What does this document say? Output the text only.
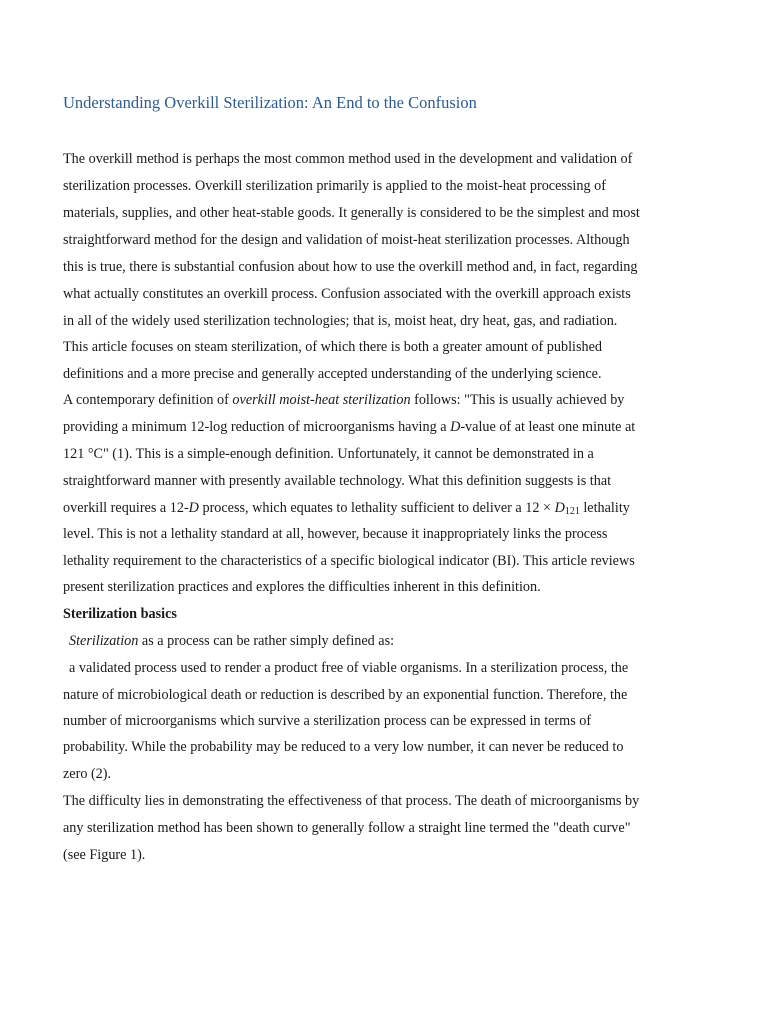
Understanding Overkill Sterilization: An End to the Confusion

The overkill method is perhaps the most common method used in the development and validation of

sterilization processes. Overkill sterilization primarily is applied to the moist-heat processing of

materials, supplies, and other heat-stable goods. It generally is considered to be the simplest and most

straightforward method for the design and validation of moist-heat sterilization processes. Although

this is true, there is substantial confusion about how to use the overkill method and, in fact, regarding

what actually constitutes an overkill process. Confusion associated with the overkill approach exists

in all of the widely used sterilization technologies; that is, moist heat, dry heat, gas, and radiation.

This article focuses on steam sterilization, of which there is both a greater amount of published

definitions and a more precise and generally accepted understanding of the underlying science.

A contemporary definition of overkill moist-heat sterilization follows: "This is usually achieved by

providing a minimum 12-log reduction of microorganisms having a D-value of at least one minute at

121 °C" (1). This is a simple-enough definition. Unfortunately, it cannot be demonstrated in a

straightforward manner with presently available technology. What this definition suggests is that

overkill requires a 12-D process, which equates to lethality sufficient to deliver a $12 \times D_{121}$ lethality

level. This is not a lethality standard at all, however, because it inappropriately links the process

lethality requirement to the characteristics of a specific biological indicator (BI). This article reviews

present sterilization practices and explores the difficulties inherent in this definition.

Sterilization basics

Sterilization as a process can be rather simply defined as:

a validated process used to render a product free of viable organisms. In a sterilization process, the

nature of microbiological death or reduction is described by an exponential function. Therefore, the

number of microorganisms which survive a sterilization process can be expressed in terms of

probability. While the probability may be reduced to a very low number, it can never be reduced to

zero (2).

The difficulty lies in demonstrating the effectiveness of that process. The death of microorganisms by

any sterilization method has been shown to generally follow a straight line termed the "death curve"

(see Figure 1).
